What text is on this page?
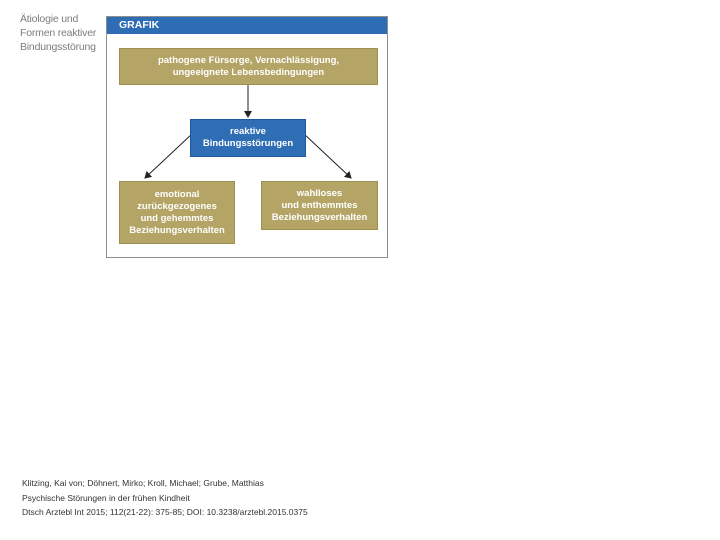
Ätiologie und
Formen reaktiver
Bindungsstörung
GRAFIK
pathogene Fürsorge, Vernachlässigung,
ungeeignete Lebensbedingungen
reaktive
Bindungsstörungen
emotional
zurückgezogenes
und gehemmtes
Beziehungsverhalten
wahlloses
und enthemmtes
Beziehungsverhalten
Klitzing, Kai von; Döhnert, Mirko; Kroll, Michael; Grube, Matthias
Psychische Störungen in der frühen Kindheit
Dtsch Arztebl Int 2015; 112(21-22): 375-85; DOI: 10.3238/arztebl.2015.0375
